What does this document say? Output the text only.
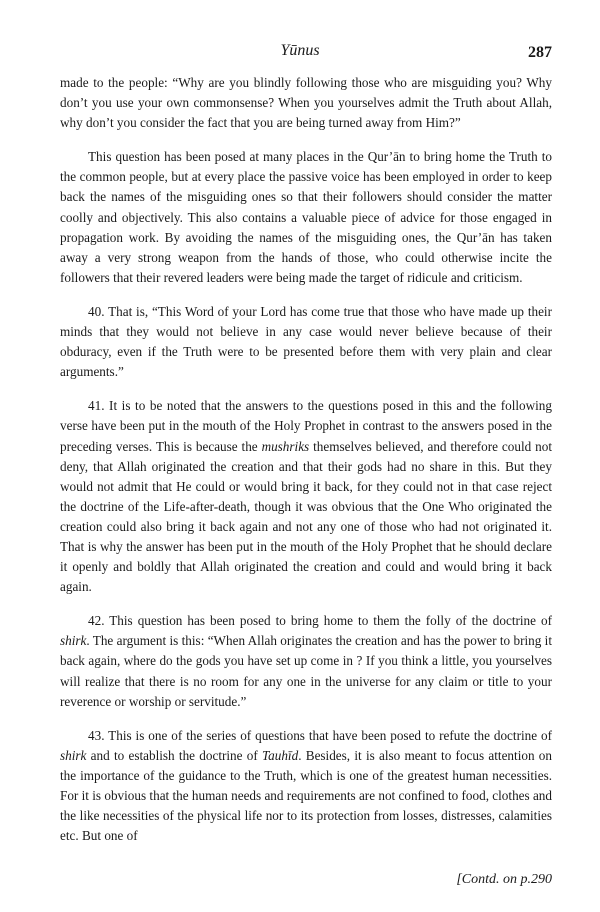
Yūnus	287

made to the people: “Why are you blindly following those who are misguiding you? Why don’t you use your own commonsense? When you yourselves admit the Truth about Allah, why don’t you consider the fact that you are being turned away from Him?”

This question has been posed at many places in the Qur’ān to bring home the Truth to the common people, but at every place the passive voice has been employed in order to keep back the names of the misguiding ones so that their followers should consider the matter coolly and objectively. This also contains a valuable piece of advice for those engaged in propagation work. By avoiding the names of the misguiding ones, the Qur’ān has taken away a very strong weapon from the hands of those, who could otherwise incite the followers that their revered leaders were being made the target of ridicule and criticism.

40. That is, “This Word of your Lord has come true that those who have made up their minds that they would not believe in any case would never believe because of their obduracy, even if the Truth were to be presented before them with very plain and clear arguments.”

41. It is to be noted that the answers to the questions posed in this and the following verse have been put in the mouth of the Holy Prophet in contrast to the answers posed in the preceding verses. This is because the mushriks themselves believed, and therefore could not deny, that Allah originated the creation and that their gods had no share in this. But they would not admit that He could or would bring it back, for they could not in that case reject the doctrine of the Life-after-death, though it was obvious that the One Who originated the creation could also bring it back again and not any one of those who had not originated it. That is why the answer has been put in the mouth of the Holy Prophet that he should declare it openly and boldly that Allah originated the creation and could and would bring it back again.

42. This question has been posed to bring home to them the folly of the doctrine of shirk. The argument is this: “When Allah originates the creation and has the power to bring it back again, where do the gods you have set up come in ? If you think a little, you yourselves will realize that there is no room for any one in the universe for any claim or title to your reverence or worship or servitude.”

43. This is one of the series of questions that have been posed to refute the doctrine of shirk and to establish the doctrine of Tauhīd. Besides, it is also meant to focus attention on the importance of the guidance to the Truth, which is one of the greatest human necessities. For it is obvious that the human needs and requirements are not confined to food, clothes and the like necessities of the physical life nor to its protection from losses, distresses, calamities etc. But one of

[Contd. on p.290
